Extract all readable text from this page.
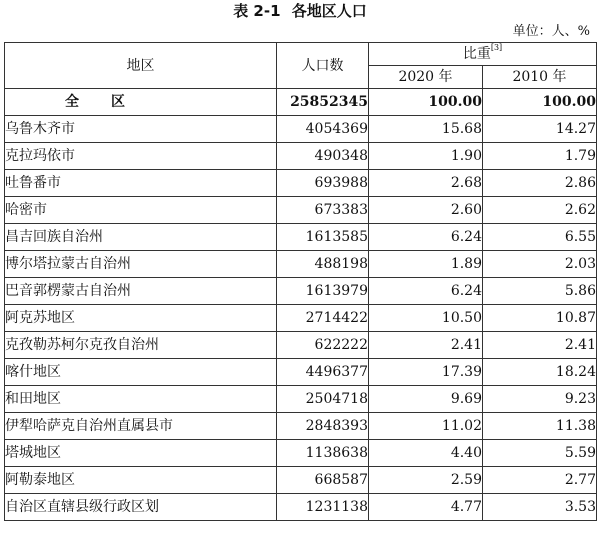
表 2-1 各地区人口
单位：人、%
地区	人口数	比重[3]
		2020 年	2010 年
全 区	25852345	100.00	100.00
乌鲁木齐市	4054369	15.68	14.27
克拉玛依市	490348	1.90	1.79
吐鲁番市	693988	2.68	2.86
哈密市	673383	2.60	2.62
昌吉回族自治州	1613585	6.24	6.55
博尔塔拉蒙古自治州	488198	1.89	2.03
巴音郭楞蒙古自治州	1613979	6.24	5.86
阿克苏地区	2714422	10.50	10.87
克孜勒苏柯尔克孜自治州	622222	2.41	2.41
喀什地区	4496377	17.39	18.24
和田地区	2504718	9.69	9.23
伊犁哈萨克自治州直属县市	2848393	11.02	11.38
塔城地区	1138638	4.40	5.59
阿勒泰地区	668587	2.59	2.77
自治区直辖县级行政区划	1231138	4.77	3.53
